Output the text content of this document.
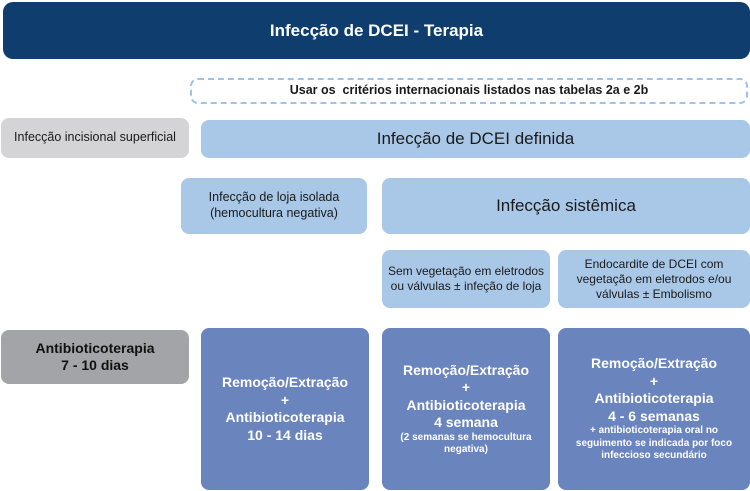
Infecção de DCEI - Terapia
Usar os  critérios internacionais listados nas tabelas 2a e 2b
Infecção incisional superficial	Infecção de DCEI definida
Infecção de loja isolada
(hemocultura negativa)	Infecção sistêmica
Sem vegetação em eletrodos
ou válvulas ± infeção de loja
Endocardite de DCEI com
vegetação em eletrodos e/ou
válvulas ± Embolismo
Antibioticoterapia
7 - 10 dias
Remoção/Extração
+
Antibioticoterapia
10 - 14 dias
Remoção/Extração
+
Antibioticoterapia
4 semana
(2 semanas se hemocultura
negativa)
Remoção/Extração
+
Antibioticoterapia
4 - 6 semanas
+ antibioticoterapia oral no
seguimento se indicada por foco
infeccioso secundário
